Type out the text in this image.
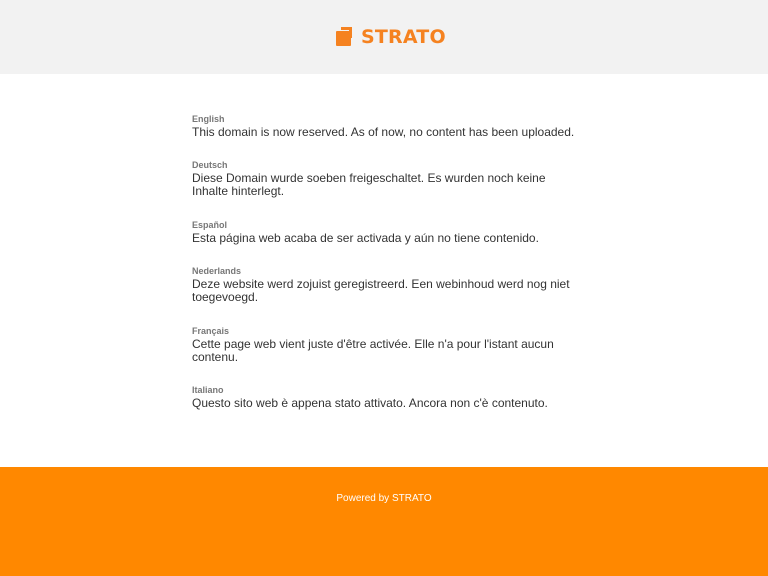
STRATO
English
This domain is now reserved. As of now, no content has been uploaded.
Deutsch
Diese Domain wurde soeben freigeschaltet. Es wurden noch keine Inhalte hinterlegt.
Español
Esta página web acaba de ser activada y aún no tiene contenido.
Nederlands
Deze website werd zojuist geregistreerd. Een webinhoud werd nog niet toegevoegd.
Français
Cette page web vient juste d'être activée. Elle n'a pour l'istant aucun contenu.
Italiano
Questo sito web è appena stato attivato. Ancora non c'è contenuto.
Powered by STRATO
